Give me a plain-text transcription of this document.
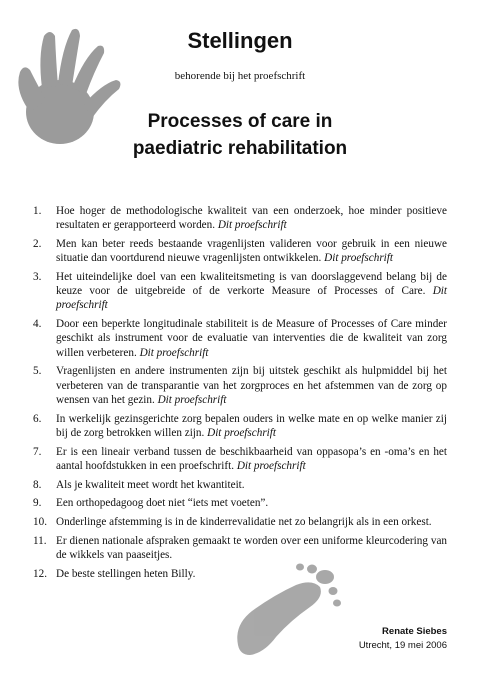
Stellingen
behorende bij het proefschrift
Processes of care in
paediatric rehabilitation
1. Hoe hoger de methodologische kwaliteit van een onderzoek, hoe minder positieve resultaten er gerapporteerd worden. Dit proefschrift
2. Men kan beter reeds bestaande vragenlijsten valideren voor gebruik in een nieuwe situatie dan voortdurend nieuwe vragenlijsten ontwikkelen. Dit proefschrift
3. Het uiteindelijke doel van een kwaliteitsmeting is van doorslaggevend belang bij de keuze voor de uitgebreide of de verkorte Measure of Processes of Care. Dit proefschrift
4. Door een beperkte longitudinale stabiliteit is de Measure of Processes of Care minder geschikt als instrument voor de evaluatie van interventies die de kwaliteit van zorg willen verbeteren. Dit proefschrift
5. Vragenlijsten en andere instrumenten zijn bij uitstek geschikt als hulpmiddel bij het verbeteren van de transparantie van het zorgproces en het afstemmen van de zorg op wensen van het gezin. Dit proefschrift
6. In werkelijk gezinsgerichte zorg bepalen ouders in welke mate en op welke manier zij bij de zorg betrokken willen zijn. Dit proefschrift
7. Er is een lineair verband tussen de beschikbaarheid van oppasopa’s en -oma’s en het aantal hoofdstukken in een proefschrift. Dit proefschrift
8. Als je kwaliteit meet wordt het kwantiteit.
9. Een orthopedagoog doet niet “iets met voeten”.
10. Onderlinge afstemming is in de kinderrevalidatie net zo belangrijk als in een orkest.
11. Er dienen nationale afspraken gemaakt te worden over een uniforme kleurcodering van de wikkels van paaseitjes.
12. De beste stellingen heten Billy.
Renate Siebes
Utrecht, 19 mei 2006
